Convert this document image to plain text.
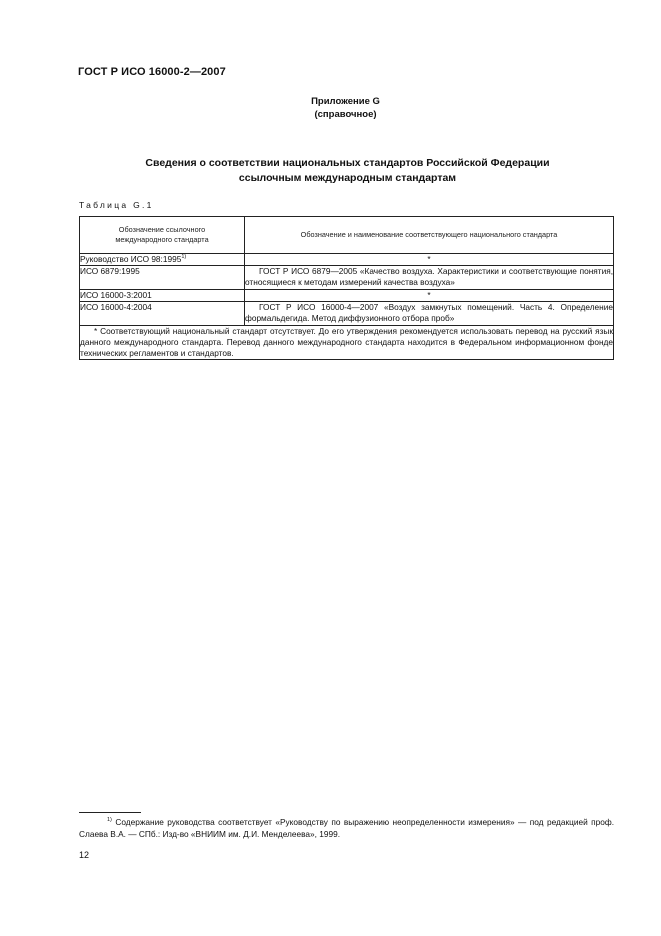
ГОСТ Р ИСО 16000-2—2007
Приложение G
(справочное)
Сведения о соответствии национальных стандартов Российской Федерации
ссылочным международным стандартам
Таблица G.1
Обозначение ссылочного международного стандарта	Обозначение и наименование соответствующего национального стандарта

Руководство ИСО 98:1995$^{1)}$	*
ИСО 6879:1995	ГОСТ Р ИСО 6879—2005 «Качество воздуха. Характеристики и соответствующие понятия, относящиеся к методам измерений качества воздуха»

ИСО 16000-3:2001	*
ИСО 16000-4:2004	ГОСТ Р ИСО 16000-4—2007 «Воздух замкнутых помещений. Часть 4. Определение формальдегида. Метод диффузионного отбора проб»

* Соответствующий национальный стандарт отсутствует. До его утверждения рекомендуется использовать перевод на русский язык данного международного стандарта. Перевод данного международного стандарта находится в Федеральном информационном фонде технических регламентов и стандартов.	
$^{1)}$ Содержание руководства соответствует «Руководству по выражению неопределенности измерения» — под редакцией проф. Слаева В.А. — СПб.: Изд-во «ВНИИМ им. Д.И. Менделеева», 1999.
12
